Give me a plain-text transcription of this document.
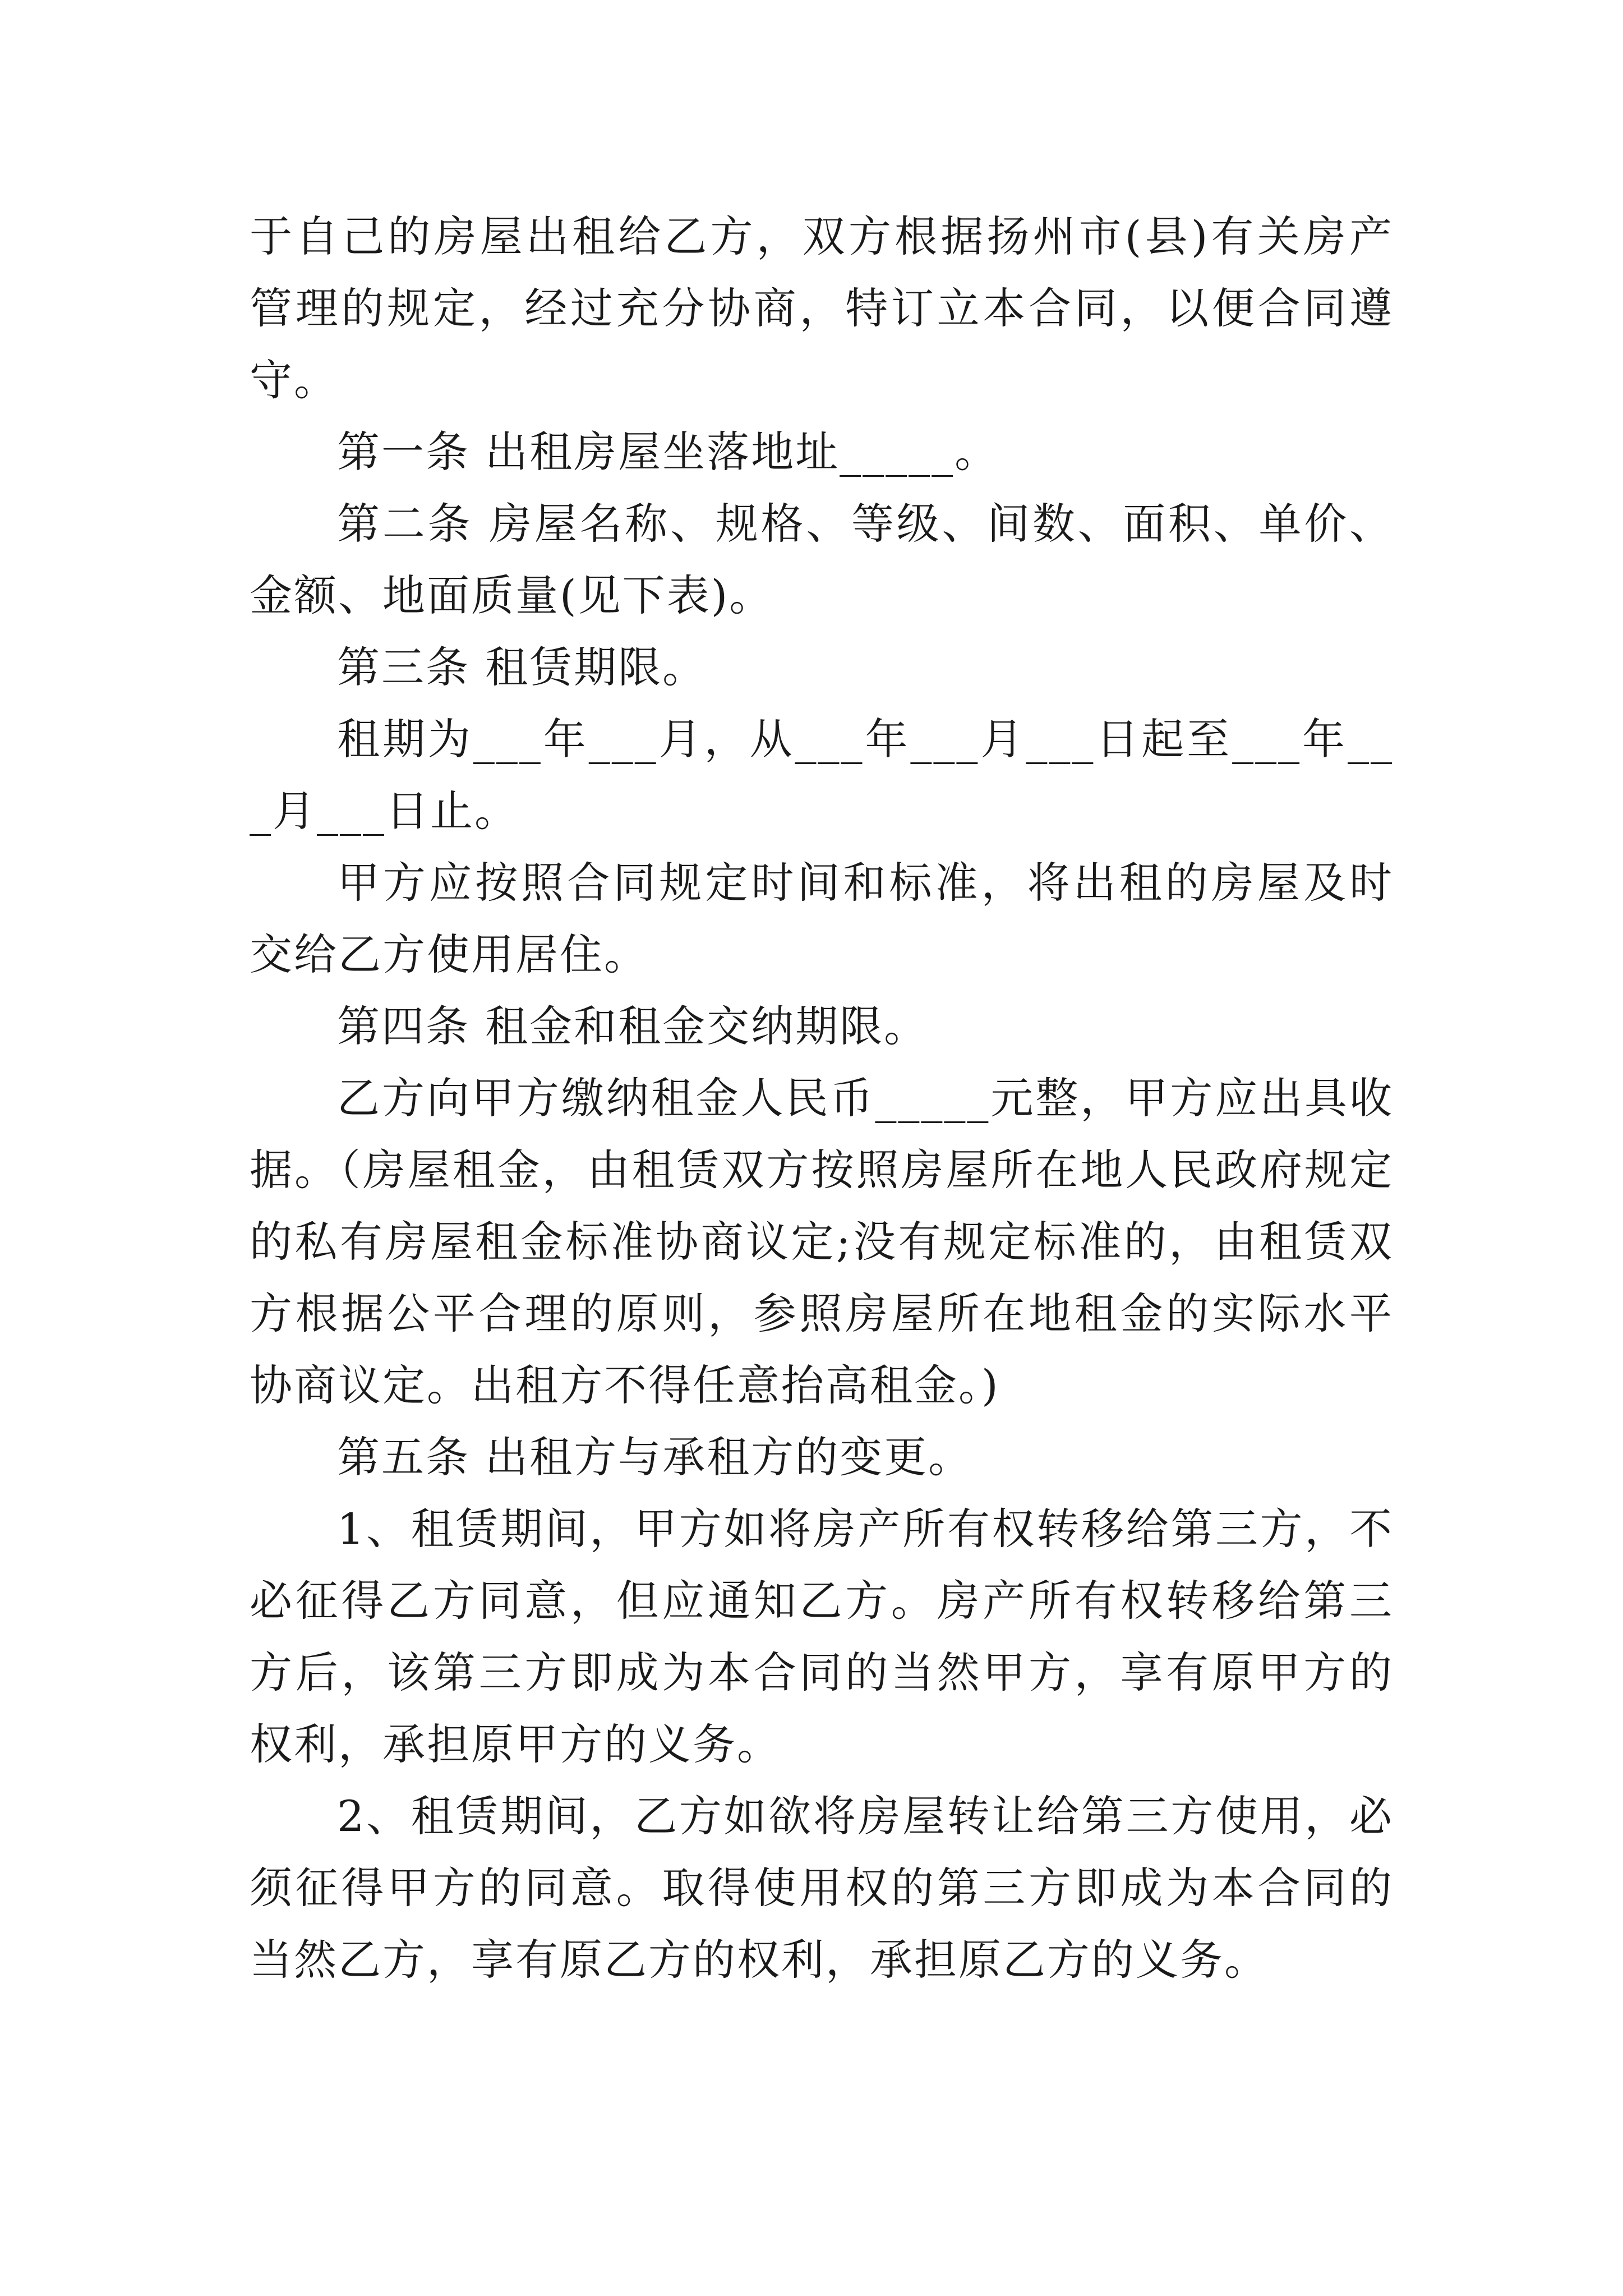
于自己的房屋出租给乙方，双方根据扬州市(县)有关房产管理的规定，经过充分协商，特订立本合同，以便合同遵守。

第一条 出租房屋坐落地址_____。

第二条 房屋名称、规格、等级、间数、面积、单价、金额、地面质量(见下表)。

第三条 租赁期限。

租期为___年___月，从___年___月___日起至___年___月___日止。

甲方应按照合同规定时间和标准，将出租的房屋及时交给乙方使用居住。

第四条 租金和租金交纳期限。

乙方向甲方缴纳租金人民币_____元整，甲方应出具收据。（房屋租金，由租赁双方按照房屋所在地人民政府规定的私有房屋租金标准协商议定;没有规定标准的，由租赁双方根据公平合理的原则，参照房屋所在地租金的实际水平协商议定。出租方不得任意抬高租金。)

第五条 出租方与承租方的变更。

1、租赁期间，甲方如将房产所有权转移给第三方，不必征得乙方同意，但应通知乙方。房产所有权转移给第三方后，该第三方即成为本合同的当然甲方，享有原甲方的权利，承担原甲方的义务。

2、租赁期间，乙方如欲将房屋转让给第三方使用，必须征得甲方的同意。取得使用权的第三方即成为本合同的当然乙方，享有原乙方的权利，承担原乙方的义务。
